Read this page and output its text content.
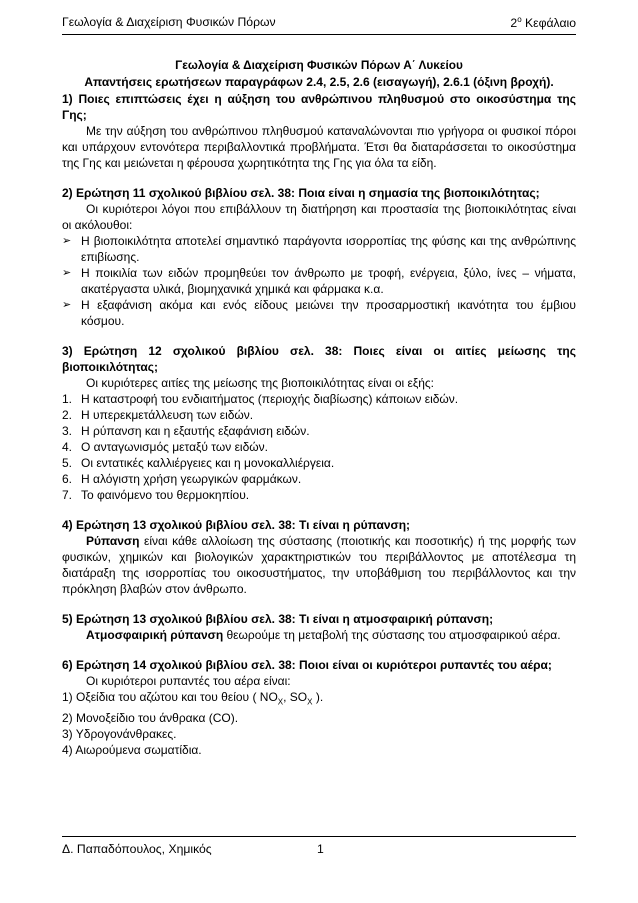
Γεωλογία & Διαχείριση Φυσικών Πόρων	$2^o$ Κεφάλαιο
Γεωλογία & Διαχείριση Φυσικών Πόρων Α΄ Λυκείου
Απαντήσεις ερωτήσεων παραγράφων 2.4, 2.5, 2.6 (εισαγωγή), 2.6.1 (όξινη βροχή).
1) Ποιες επιπτώσεις έχει η αύξηση του ανθρώπινου πληθυσμού στο οικοσύστημα της Γης;
Με την αύξηση του ανθρώπινου πληθυσμού καταναλώνονται πιο γρήγορα οι φυσικοί πόροι και υπάρχουν εντονότερα περιβαλλοντικά προβλήματα. Έτσι θα διαταράσσεται το οικοσύστημα της Γης και μειώνεται η φέρουσα χωρητικότητα της Γης για όλα τα είδη.
2) Ερώτηση 11 σχολικού βιβλίου σελ. 38: Ποια είναι η σημασία της βιοποικιλότητας;
Οι κυριότεροι λόγοι που επιβάλλουν τη διατήρηση και προστασία της βιοποικιλότητας είναι οι ακόλουθοι:
➢ Η βιοποικιλότητα αποτελεί σημαντικό παράγοντα ισορροπίας της φύσης και της ανθρώπινης επιβίωσης.
➢ Η ποικιλία των ειδών προμηθεύει τον άνθρωπο με τροφή, ενέργεια, ξύλο, ίνες – νήματα, ακατέργαστα υλικά, βιομηχανικά χημικά και φάρμακα κ.α.
➢ Η εξαφάνιση ακόμα και ενός είδους μειώνει την προσαρμοστική ικανότητα του έμβιου κόσμου.
3) Ερώτηση 12 σχολικού βιβλίου σελ. 38: Ποιες είναι οι αιτίες μείωσης της βιοποικιλότητας;
Οι κυριότερες αιτίες της μείωσης της βιοποικιλότητας είναι οι εξής:
1. Η καταστροφή του ενδιαιτήματος (περιοχής διαβίωσης) κάποιων ειδών.
2. Η υπερεκμετάλλευση των ειδών.
3. Η ρύπανση και η εξαυτής εξαφάνιση ειδών.
4. Ο ανταγωνισμός μεταξύ των ειδών.
5. Οι εντατικές καλλιέργειες και η μονοκαλλιέργεια.
6. Η αλόγιστη χρήση γεωργικών φαρμάκων.
7. Το φαινόμενο του θερμοκηπίου.
4) Ερώτηση 13 σχολικού βιβλίου σελ. 38: Τι είναι η ρύπανση;
Ρύπανση είναι κάθε αλλοίωση της σύστασης (ποιοτικής και ποσοτικής) ή της μορφής των φυσικών, χημικών και βιολογικών χαρακτηριστικών του περιβάλλοντος με αποτέλεσμα τη διατάραξη της ισορροπίας του οικοσυστήματος, την υποβάθμιση του περιβάλλοντος και την πρόκληση βλαβών στον άνθρωπο.
5) Ερώτηση 13 σχολικού βιβλίου σελ. 38: Τι είναι η ατμοσφαιρική ρύπανση;
Ατμοσφαιρική ρύπανση θεωρούμε τη μεταβολή της σύστασης του ατμοσφαιρικού αέρα.
6) Ερώτηση 14 σχολικού βιβλίου σελ. 38: Ποιοι είναι οι κυριότεροι ρυπαντές του αέρα;
Οι κυριότεροι ρυπαντές του αέρα είναι:
1) Οξείδια του αζώτου και του θείου ( $NO_X$, $SO_X$ ).
2) Μονοξείδιο του άνθρακα (CO).
3) Υδρογονάνθρακες.
4) Αιωρούμενα σωματίδια.
Δ. Παπαδόπουλος, Χημικός	1
